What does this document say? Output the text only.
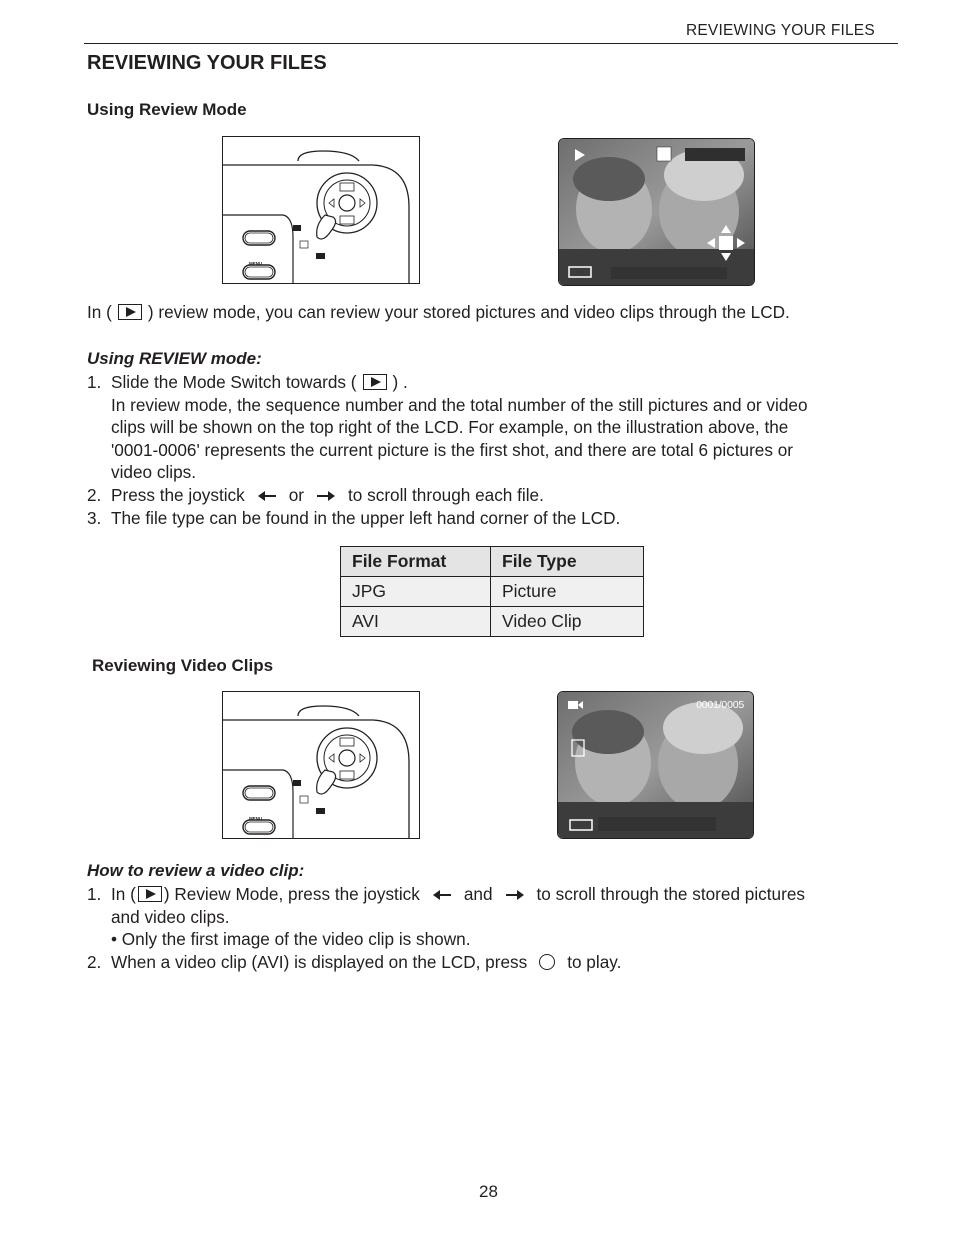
REVIEWING YOUR FILES
REVIEWING YOUR FILES
Using Review Mode
MENU
In ( ) review mode, you can review your stored pictures and video clips through the LCD.
Using REVIEW mode:
1. Slide the Mode Switch towards ( ) .
In review mode, the sequence number and the total number of the still pictures and or video
clips will be shown on the top right of the LCD. For example, on the illustration above, the
'0001-0006' represents the current picture is the first shot, and there are total 6 pictures or
video clips.
2. Press the joystick	or	to scroll through each file.
3. The file type can be found in the upper left hand corner of the LCD.
File Format	File Type
JPG	Picture
AVI	Video Clip
Reviewing Video Clips
MENU
0001/0005
How to review a video clip:
1. In ( ) Review Mode, press the joystick	and	to scroll through the stored pictures
and video clips.
• Only the first image of the video clip is shown.
2. When a video clip (AVI) is displayed on the LCD, press to play.
28
